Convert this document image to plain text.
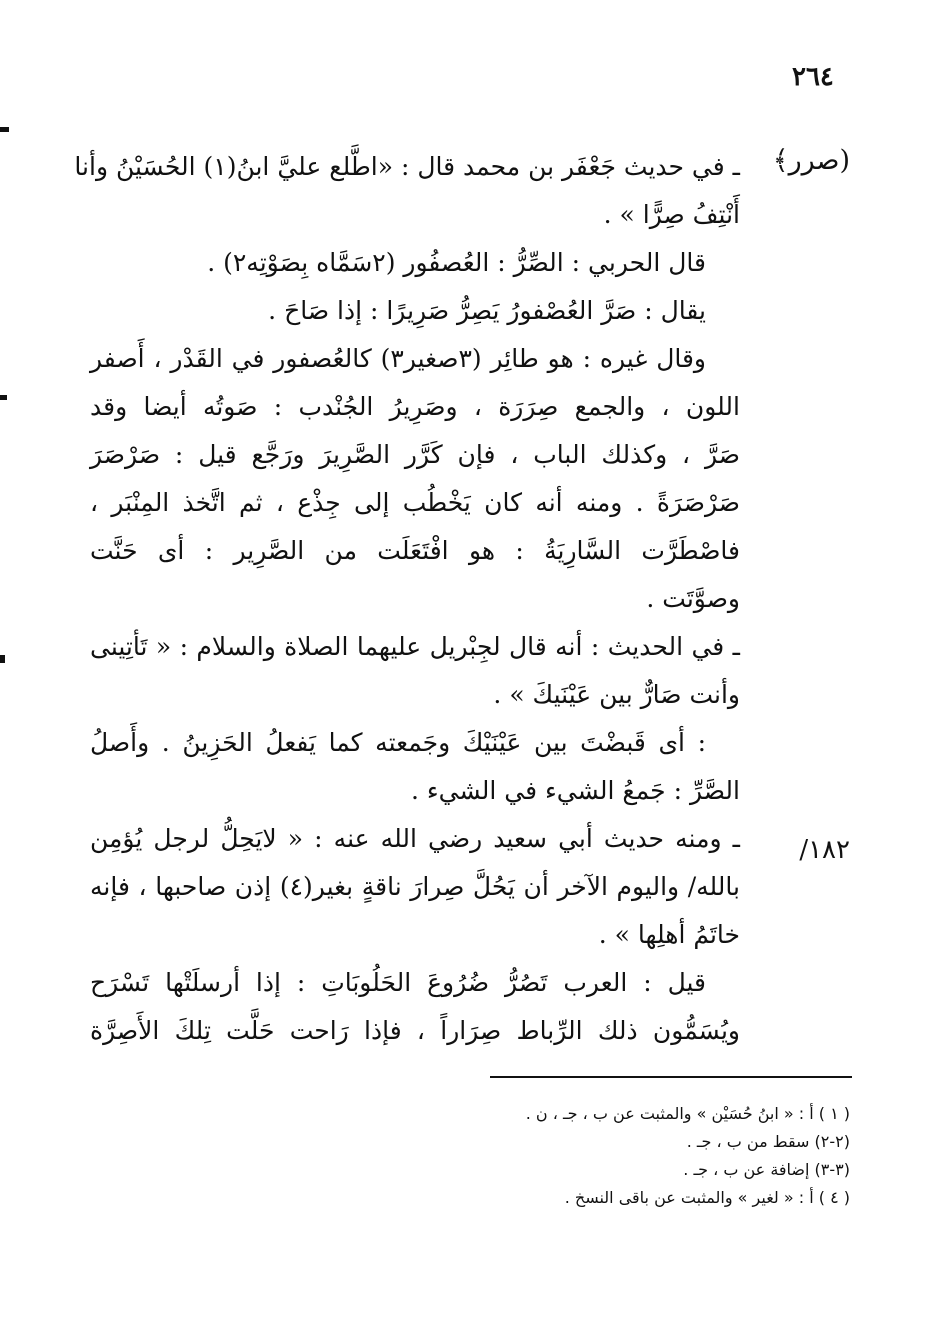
٢٦٤
(صرر﴾
١٨٢/
ـ في حديث جَعْفَر بن محمد قال : «اطَّلع عليَّ ابنُ(١) الحُسَيْنُ وأنا
أَنْتِفُ صِرًّا » .
قال الحربي : الصِّرُّ : العُصفُور (٢سَمَّاه بِصَوْتِه٢) .
يقال : صَرَّ العُصْفورُ يَصِرُّ صَرِيرًا : إذا صَاحَ .
وقال غيره : هو طائِر (٣صغير٣) كالعُصفور في القَدْر ، أَصفر
اللون ، والجمع صِرَرَة ، وصَرِيرُ الجُنْدب : صَوتُه أيضا وقد
صَرَّ ، وكذلك الباب ، فإن كَرَّر الصَّرِيرَ ورَجَّع قيل : صَرْصَرَ
صَرْصَرَةً . ومنه أنه كان يَخْطُب إلى جِذْع ، ثم اتَّخذ المِنْبَر ،
فاصْطَرَّت السَّارِيَةُ : هو افْتَعَلَت من الصَّرِير : أى حَنَّت
وصوَّتَت .
ـ في الحديث : أنه قال لجِبْريل عليهما الصلاة والسلام : « تَأتِينى
وأنت صَارٌّ بين عَيْنَيكَ » .
: أى قَبضْتَ بين عَيْنَيْكَ وجَمعته كما يَفعلُ الحَزِينُ . وأَصلُ
الصَّرِّ : جَمعُ الشيء في الشيء .
ـ ومنه حديث أبي سعيد رضي الله عنه : « لايَحِلُّ لرجل يُؤمِن
بالله/ واليوم الآخر أن يَحُلَّ صِرارَ ناقةٍ بغير(٤) إذن صاحبها ، فإنه
خاتَمُ أهلِها » .
قيل : العرب تَصُرُّ ضُرُوعَ الحَلُوبَاتِ : إذا أرسلَتْها تَسْرَح
ويُسَمُّون ذلك الرِّباط صِرَاراً ، فإذا رَاحت حَلَّت تِلكَ الأَصِرَّة
( ١ ) أ : « ابنُ حُسَيْن » والمثبت عن ب ، جـ ، ن .
(٢-٢) سقط من ب ، جـ .
(٣-٣) إضافة عن ب ، جـ .
( ٤ ) أ : « لغير » والمثبت عن باقى النسخ .
